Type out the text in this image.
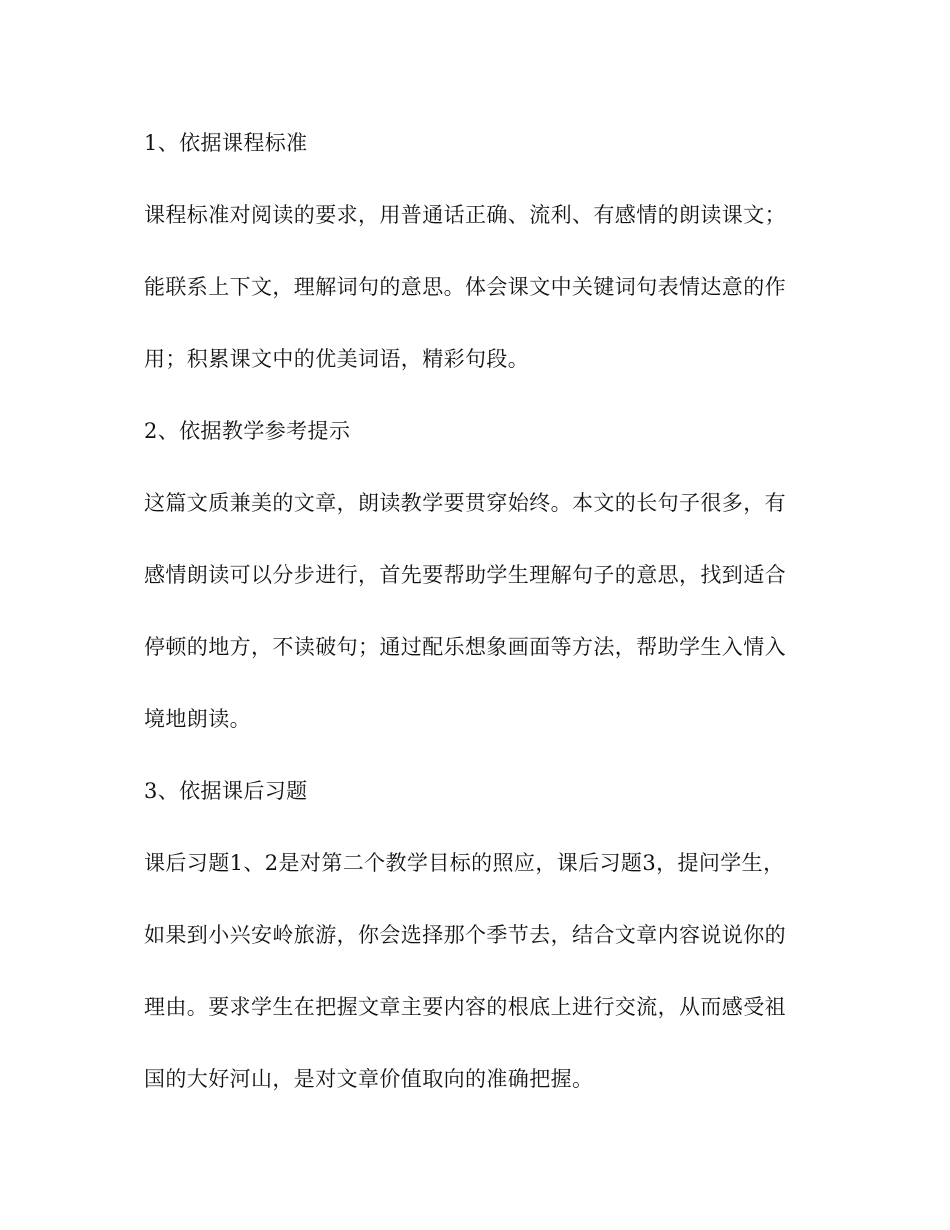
1、依据课程标准
课程标准对阅读的要求，用普通话正确、流利、有感情的朗读课文；
能联系上下文，理解词句的意思。体会课文中关键词句表情达意的作
用；积累课文中的优美词语，精彩句段。
2、依据教学参考提示
这篇文质兼美的文章，朗读教学要贯穿始终。本文的长句子很多，有
感情朗读可以分步进行，首先要帮助学生理解句子的意思，找到适合
停顿的地方，不读破句；通过配乐想象画面等方法，帮助学生入情入
境地朗读。
3、依据课后习题
课后习题1、2是对第二个教学目标的照应，课后习题3，提问学生，
如果到小兴安岭旅游，你会选择那个季节去，结合文章内容说说你的
理由。要求学生在把握文章主要内容的根底上进行交流，从而感受祖
国的大好河山，是对文章价值取向的准确把握。
